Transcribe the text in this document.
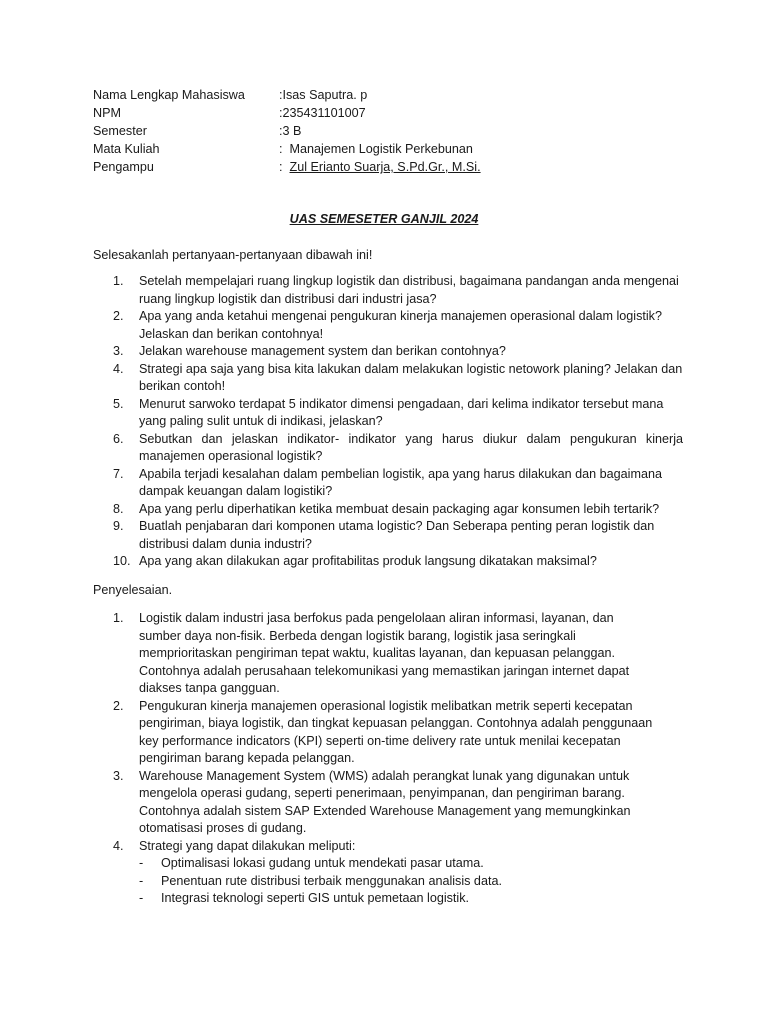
Nama Lengkap Mahasiswa	: Isas Saputra. p
NPM	: 235431101007
Semester	: 3 B
Mata Kuliah	: Manajemen Logistik Perkebunan
Pengampu	: Zul Erianto Suarja, S.Pd.Gr., M.Si.
UAS SEMESETER GANJIL 2024
Selesakanlah pertanyaan-pertanyaan dibawah ini!
1.	Setelah mempelajari ruang lingkup logistik dan distribusi, bagaimana pandangan anda mengenai ruang lingkup logistik dan distribusi dari industri jasa?
2.	Apa yang anda ketahui mengenai pengukuran kinerja manajemen operasional dalam logistik? Jelaskan dan berikan contohnya!
3.	Jelakan warehouse management system dan berikan contohnya?
4.	Strategi apa saja yang bisa kita lakukan dalam melakukan logistic netowork planing? Jelakan dan berikan contoh!
5.	Menurut sarwoko terdapat 5 indikator dimensi pengadaan, dari kelima indikator tersebut mana yang paling sulit untuk di indikasi, jelaskan?
6.	Sebutkan dan jelaskan indikator- indikator yang harus diukur dalam pengukuran kinerja manajemen operasional logistik?
7.	Apabila terjadi kesalahan dalam pembelian logistik, apa yang harus dilakukan dan bagaimana dampak keuangan dalam logistiki?
8.	Apa yang perlu diperhatikan ketika membuat desain packaging agar konsumen lebih tertarik?
9.	Buatlah penjabaran dari komponen utama logistic? Dan Seberapa penting peran logistik dan distribusi dalam dunia industri?
10. Apa yang akan dilakukan agar profitabilitas produk langsung dikatakan maksimal?
Penyelesaian.
1.	Logistik dalam industri jasa berfokus pada pengelolaan aliran informasi, layanan, dan sumber daya non-fisik. Berbeda dengan logistik barang, logistik jasa seringkali memprioritaskan pengiriman tepat waktu, kualitas layanan, dan kepuasan pelanggan. Contohnya adalah perusahaan telekomunikasi yang memastikan jaringan internet dapat diakses tanpa gangguan.
2.	Pengukuran kinerja manajemen operasional logistik melibatkan metrik seperti kecepatan pengiriman, biaya logistik, dan tingkat kepuasan pelanggan. Contohnya adalah penggunaan key performance indicators (KPI) seperti on-time delivery rate untuk menilai kecepatan pengiriman barang kepada pelanggan.
3.	Warehouse Management System (WMS) adalah perangkat lunak yang digunakan untuk mengelola operasi gudang, seperti penerimaan, penyimpanan, dan pengiriman barang. Contohnya adalah sistem SAP Extended Warehouse Management yang memungkinkan otomatisasi proses di gudang.
4.	Strategi yang dapat dilakukan meliputi:
-	Optimalisasi lokasi gudang untuk mendekati pasar utama.
-	Penentuan rute distribusi terbaik menggunakan analisis data.
-	Integrasi teknologi seperti GIS untuk pemetaan logistik.
